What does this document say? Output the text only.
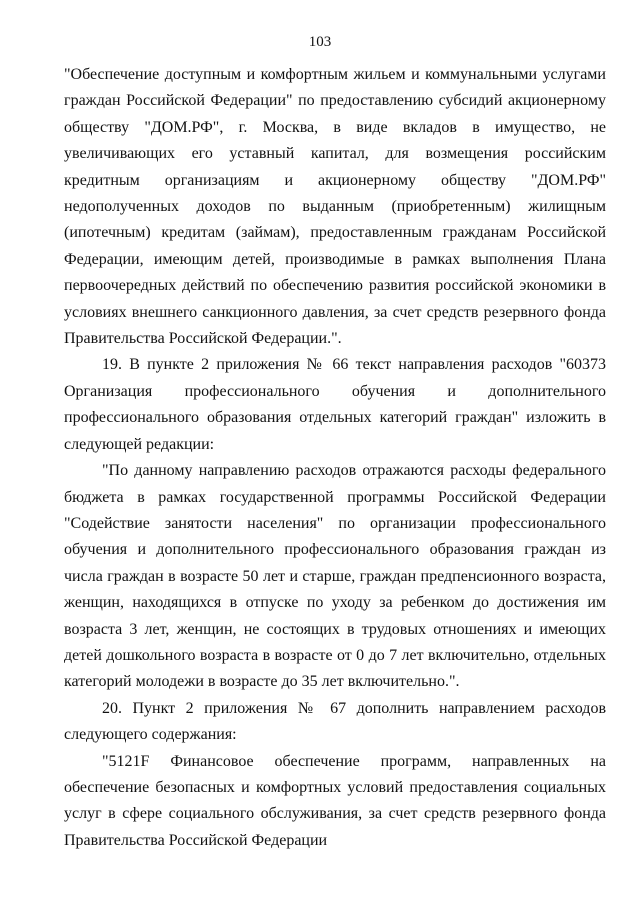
103

"Обеспечение доступным и комфортным жильем и коммунальными услугами граждан Российской Федерации" по предоставлению субсидий акционерному обществу "ДОМ.РФ", г. Москва, в виде вкладов в имущество, не увеличивающих его уставный капитал, для возмещения российским кредитным организациям и акционерному обществу "ДОМ.РФ" недополученных доходов по выданным (приобретенным) жилищным (ипотечным) кредитам (займам), предоставленным гражданам Российской Федерации, имеющим детей, производимые в рамках выполнения Плана первоочередных действий по обеспечению развития российской экономики в условиях внешнего санкционного давления, за счет средств резервного фонда Правительства Российской Федерации.".

19. В пункте 2 приложения № 66 текст направления расходов "60373 Организация профессионального обучения и дополнительного профессионального образования отдельных категорий граждан" изложить в следующей редакции:

"По данному направлению расходов отражаются расходы федерального бюджета в рамках государственной программы Российской Федерации "Содействие занятости населения" по организации профессионального обучения и дополнительного профессионального образования граждан из числа граждан в возрасте 50 лет и старше, граждан предпенсионного возраста, женщин, находящихся в отпуске по уходу за ребенком до достижения им возраста 3 лет, женщин, не состоящих в трудовых отношениях и имеющих детей дошкольного возраста в возрасте от 0 до 7 лет включительно, отдельных категорий молодежи в возрасте до 35 лет включительно.".

20. Пункт 2 приложения № 67 дополнить направлением расходов следующего содержания:

"5121F Финансовое обеспечение программ, направленных на обеспечение безопасных и комфортных условий предоставления социальных услуг в сфере социального обслуживания, за счет средств резервного фонда Правительства Российской Федерации
